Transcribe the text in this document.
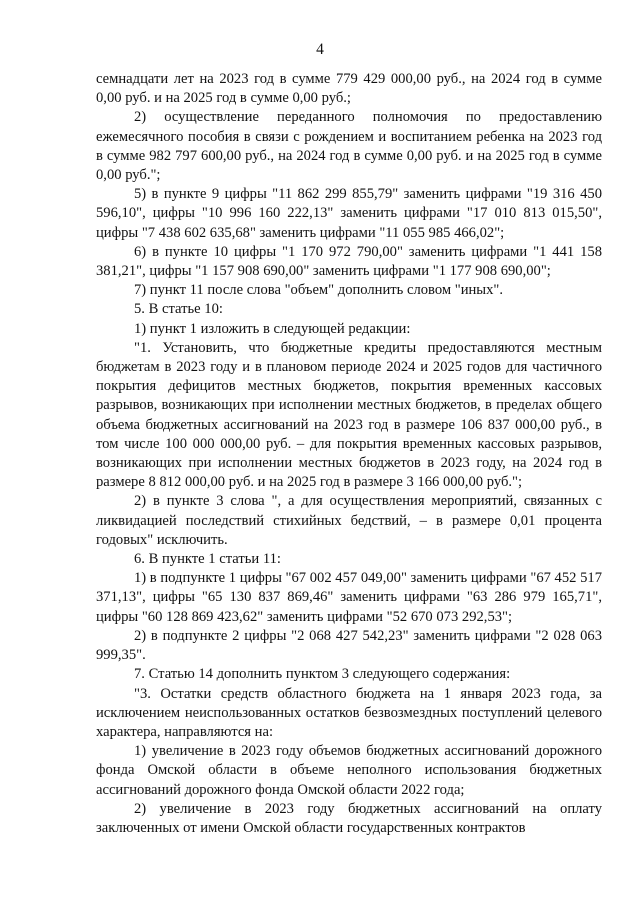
4

семнадцати лет на 2023 год в сумме 779 429 000,00 руб., на 2024 год в сумме 0,00 руб. и на 2025 год в сумме 0,00 руб.;

2) осуществление переданного полномочия по предоставлению ежемесячного пособия в связи с рождением и воспитанием ребенка на 2023 год в сумме 982 797 600,00 руб., на 2024 год в сумме 0,00 руб. и на 2025 год в сумме 0,00 руб.";

5) в пункте 9 цифры "11 862 299 855,79" заменить цифрами "19 316 450 596,10", цифры "10 996 160 222,13" заменить цифрами "17 010 813 015,50", цифры "7 438 602 635,68" заменить цифрами "11 055 985 466,02";

6) в пункте 10 цифры "1 170 972 790,00" заменить цифрами "1 441 158 381,21", цифры "1 157 908 690,00" заменить цифрами "1 177 908 690,00";

7) пункт 11 после слова "объем" дополнить словом "иных".

5. В статье 10:

1) пункт 1 изложить в следующей редакции:

"1. Установить, что бюджетные кредиты предоставляются местным бюджетам в 2023 году и в плановом периоде 2024 и 2025 годов для частичного покрытия дефицитов местных бюджетов, покрытия временных кассовых разрывов, возникающих при исполнении местных бюджетов, в пределах общего объема бюджетных ассигнований на 2023 год в размере 106 837 000,00 руб., в том числе 100 000 000,00 руб. – для покрытия временных кассовых разрывов, возникающих при исполнении местных бюджетов в 2023 году, на 2024 год в размере 8 812 000,00 руб. и на 2025 год в размере 3 166 000,00 руб.";

2) в пункте 3 слова ", а для осуществления мероприятий, связанных с ликвидацией последствий стихийных бедствий, – в размере 0,01 процента годовых" исключить.

6. В пункте 1 статьи 11:

1) в подпункте 1 цифры "67 002 457 049,00" заменить цифрами "67 452 517 371,13", цифры "65 130 837 869,46" заменить цифрами "63 286 979 165,71", цифры "60 128 869 423,62" заменить цифрами "52 670 073 292,53";

2) в подпункте 2 цифры "2 068 427 542,23" заменить цифрами "2 028 063 999,35".

7. Статью 14 дополнить пунктом 3 следующего содержания:

"3. Остатки средств областного бюджета на 1 января 2023 года, за исключением неиспользованных остатков безвозмездных поступлений целевого характера, направляются на:

1) увеличение в 2023 году объемов бюджетных ассигнований дорожного фонда Омской области в объеме неполного использования бюджетных ассигнований дорожного фонда Омской области 2022 года;

2) увеличение в 2023 году бюджетных ассигнований на оплату заключенных от имени Омской области государственных контрактов
